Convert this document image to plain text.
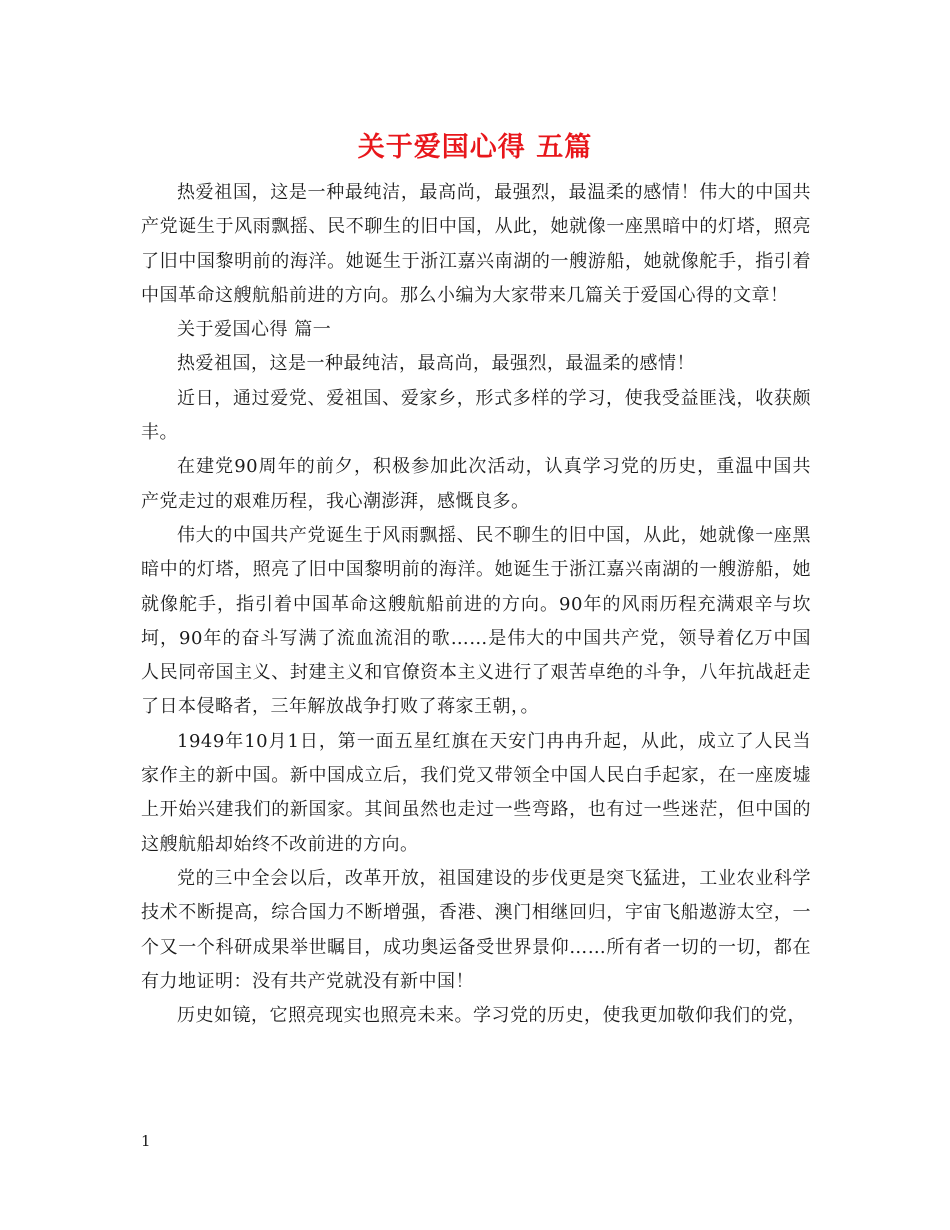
关于爱国心得 五篇

热爱祖国，这是一种最纯洁，最高尚，最强烈，最温柔的感情！伟大的中国共产党诞生于风雨飘摇、民不聊生的旧中国，从此，她就像一座黑暗中的灯塔，照亮了旧中国黎明前的海洋。她诞生于浙江嘉兴南湖的一艘游船，她就像舵手，指引着中国革命这艘航船前进的方向。那么小编为大家带来几篇关于爱国心得的文章！

关于爱国心得 篇一

热爱祖国，这是一种最纯洁，最高尚，最强烈，最温柔的感情！

近日，通过爱党、爱祖国、爱家乡，形式多样的学习，使我受益匪浅，收获颇丰。

在建党90周年的前夕，积极参加此次活动，认真学习党的历史，重温中国共产党走过的艰难历程，我心潮澎湃，感慨良多。

伟大的中国共产党诞生于风雨飘摇、民不聊生的旧中国，从此，她就像一座黑暗中的灯塔，照亮了旧中国黎明前的海洋。她诞生于浙江嘉兴南湖的一艘游船，她就像舵手，指引着中国革命这艘航船前进的方向。90年的风雨历程充满艰辛与坎坷，90年的奋斗写满了流血流泪的歌……是伟大的中国共产党，领导着亿万中国人民同帝国主义、封建主义和官僚资本主义进行了艰苦卓绝的斗争，八年抗战赶走了日本侵略者，三年解放战争打败了蒋家王朝，。

1949年10月1日，第一面五星红旗在天安门冉冉升起，从此，成立了人民当家作主的新中国。新中国成立后，我们党又带领全中国人民白手起家，在一座废墟上开始兴建我们的新国家。其间虽然也走过一些弯路，也有过一些迷茫，但中国的这艘航船却始终不改前进的方向。

党的三中全会以后，改革开放，祖国建设的步伐更是突飞猛进，工业农业科学技术不断提高，综合国力不断增强，香港、澳门相继回归，宇宙飞船遨游太空，一个又一个科研成果举世瞩目，成功奥运备受世界景仰……所有者一切的一切，都在有力地证明：没有共产党就没有新中国！

历史如镜，它照亮现实也照亮未来。学习党的历史，使我更加敬仰我们的党，

1
